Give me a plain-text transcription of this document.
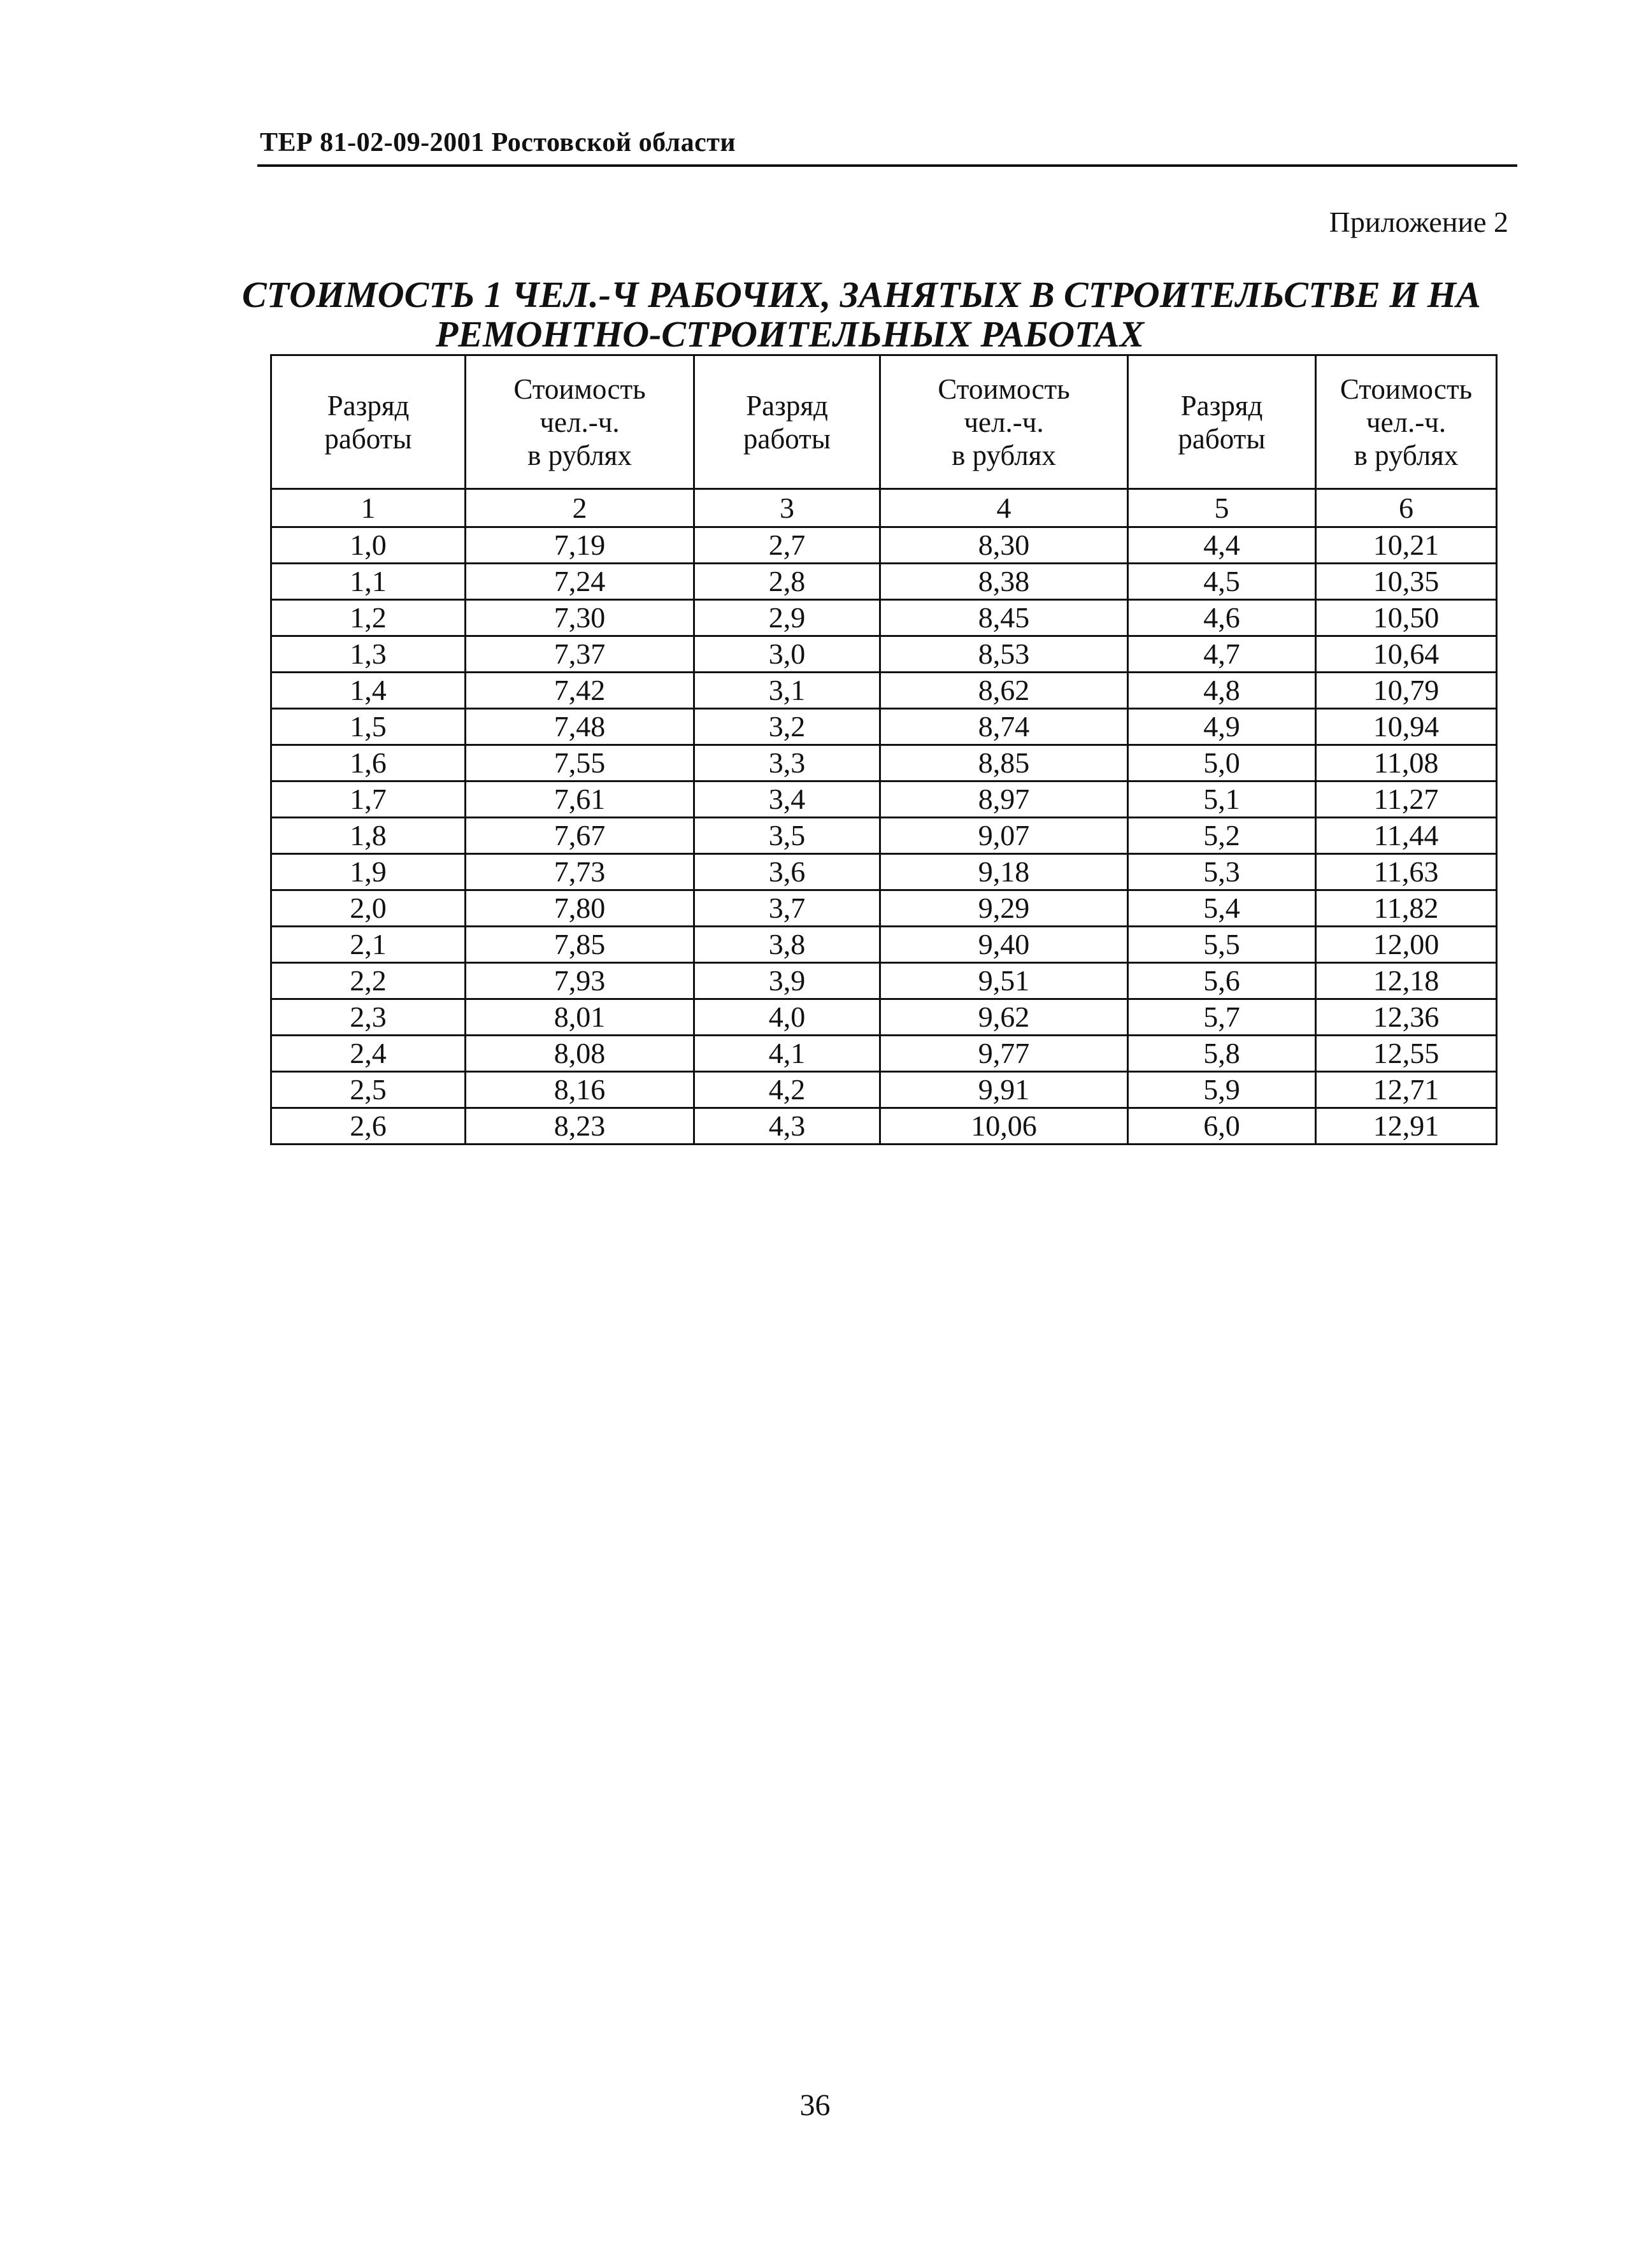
ТЕР 81-02-09-2001 Ростовской области
Приложение 2
СТОИМОСТЬ 1 ЧЕЛ.-Ч РАБОЧИХ, ЗАНЯТЫХ В СТРОИТЕЛЬСТВЕ И НА
РЕМОНТНО-СТРОИТЕЛЬНЫХ РАБОТАХ
Разряд
работы	Стоимость
чел.-ч.
в рублях	Разряд
работы	Стоимость
чел.-ч.
в рублях	Разряд
работы	Стоимость
чел.-ч.
в рублях

1	2	3	4	5	6
1,0	7,19	2,7	8,30	4,4	10,21
1,1	7,24	2,8	8,38	4,5	10,35
1,2	7,30	2,9	8,45	4,6	10,50
1,3	7,37	3,0	8,53	4,7	10,64
1,4	7,42	3,1	8,62	4,8	10,79
1,5	7,48	3,2	8,74	4,9	10,94
1,6	7,55	3,3	8,85	5,0	11,08
1,7	7,61	3,4	8,97	5,1	11,27
1,8	7,67	3,5	9,07	5,2	11,44
1,9	7,73	3,6	9,18	5,3	11,63
2,0	7,80	3,7	9,29	5,4	11,82
2,1	7,85	3,8	9,40	5,5	12,00
2,2	7,93	3,9	9,51	5,6	12,18
2,3	8,01	4,0	9,62	5,7	12,36
2,4	8,08	4,1	9,77	5,8	12,55
2,5	8,16	4,2	9,91	5,9	12,71
2,6	8,23	4,3	10,06	6,0	12,91
36
